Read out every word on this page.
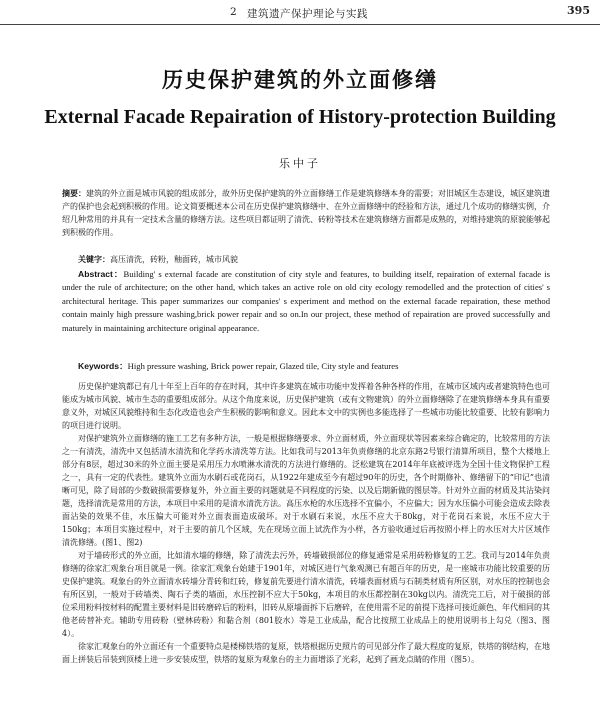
2 建筑遗产保护理论与实践	395
历史保护建筑的外立面修缮
External Facade Repairation of History-protection Building
乐中子

摘要：建筑的外立面是城市风貌的组成部分，故外历史保护建筑的外立面修缮工作是建筑修缮本身的需要；对旧城区生态建设，城区建筑遗产的保护也会起到积极的作用。论文简要概述本公司在历史保护建筑修缮中、在外立面修缮中的经验和方法，通过几个成功的修缮实例，介绍几种常用的并具有一定技术含量的修缮方法。这些项目都证明了清洗、砖粉等技术在建筑修缮方面都是成熟的，对维持建筑的原貌能够起到积极的作用。

关键字：高压清洗，砖粉，釉面砖，城市风貌

Abstract：Building' s external facade are constitution of city style and features, to building itself, repairation of external facade is under the rule of architecture; on the other hand, which takes an active role on old city ecology remodelled and the protection of cities' s architectural heritage. This paper summarizes our companies' s experiment and method on the external facade repairation, these method contain mainly high pressure washing,brick power repair and so on.In our project, these method of repairation are proved successfully and maturely in maintaining architecture original appearance.

Keywords：High pressure washing, Brick power repair, Glazed tile, City style and features

历史保护建筑都已有几十年至上百年的存在时间，其中许多建筑在城市功能中发挥着各种各样的作用，在城市区域内或者建筑特色也可能成为城市风貌、城市生态的重要组成部分。从这个角度来说，历史保护建筑（或有文物建筑）的外立面修缮除了在建筑修缮本身具有重要意义外，对城区风貌维持和生态化改造也会产生积极的影响和意义。因此本文中的实例也多能选择了一些城市功能比较重要、比较有影响力的项目进行说明。

对保护建筑外立面修缮的施工工艺有多种方法，一般是根据修缮要求、外立面材质，外立面现状等因素来综合确定的，比较常用的方法之一有清洗，清洗中又包括清水清洗和化学药水清洗等方法。比如我司与2013年负责修缮的北京东路2号银行清算所项目，整个大楼地上部分有8层，超过30米的外立面主要是采用压力水喷淋水清洗的方法进行修缮的。泛松建筑在2014年年底被评选为全国十佳文物保护工程之一，具有一定的代表性。建筑外立面为水刷石或花岗石，从1922年建成至今有超过90年的历史，各个时期修补、修缮留下的“印记”也清晰可见，除了局部的少数破损需要修复外，外立面主要的问题就是不同程度的污染、以及后期新做的图层等。针对外立面的材质及其沾染问题，选择清洗是常用的方法，本项目中采用的是清水清洗方法。高压水枪的水压选择不宜偏小，不应偏大；因为水压偏小可能会造成去除表面沾染的效果不佳，水压偏大可能对外立面表面造成破坏。对于水刷石来说，水压不应大于80kg，对于花岗石来说，水压不应大于150kg；本项目实施过程中，对于主要的前几个区域，先在现场立面上试洗作为小样，各方验收通过后再按照小样上的水压对大片区域作清洗修缮。(图1、图2)

对于墙砖形式的外立面，比如清水墙的修缮，除了清洗去污外，砖墙破损部位的修复通常是采用砖粉修复的工艺。我司与2014年负责修缮的徐家汇观象台项目就是一例。徐家汇观象台始建于1901年，对城区进行气象观测已有超百年的历史，是一座城市功能比较重要的历史保护建筑。观象台的外立面清水砖墙分青砖和红砖，修复前先要进行清水清洗，砖墙表面材质与石制类材质有所区别，对水压的控制也会有所区别，一般对于砖墙类、陶石子类的墙面，水压控制不应大于50kg，本项目的水压都控制在30kg以内。清洗完工后，对于破损的部位采用粉料按材料的配置主要材料是旧砖磨碎后的粉料，旧砖从原墙面拆下后磨碎，在使用需不足的前提下选择可接近颜色、年代相同的其他老砖替补充。辅助专用砖粉（壁林砖粉）和黏合剂（801胶水）等是工业成品，配合比按照工业成品上的使用说明书上勾兑（图3、图4）。

徐家汇观象台的外立面还有一个重要特点是楼梯铁塔的复原，铁塔根据历史照片的可见部分作了最大程度的复原，铁塔的钢结构，在地面上拼装后吊装到顶楼上进一步安装成型，铁塔的复原为观象台的主力面增添了光彩，起到了画龙点睛的作用（图5）。
